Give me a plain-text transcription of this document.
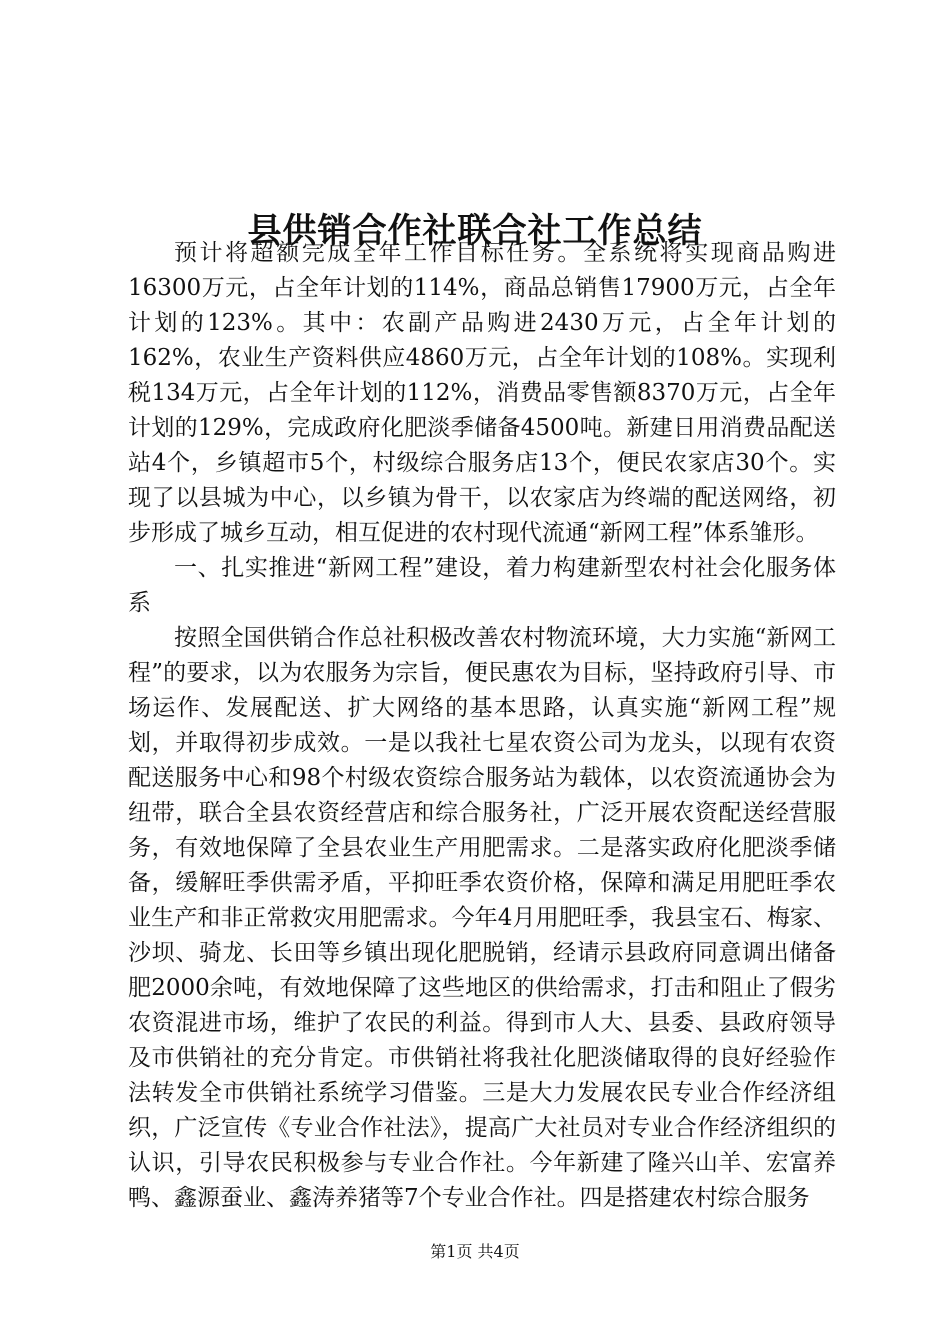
县供销合作社联合社工作总结

预计将超额完成全年工作目标任务。全系统将实现商品购进16300万元，占全年计划的114%，商品总销售17900万元，占全年计划的123%。其中：农副产品购进2430万元，占全年计划的162%，农业生产资料供应4860万元，占全年计划的108%。实现利税134万元，占全年计划的112%，消费品零售额8370万元，占全年计划的129%，完成政府化肥淡季储备4500吨。新建日用消费品配送站4个，乡镇超市5个，村级综合服务店13个，便民农家店30个。实现了以县城为中心，以乡镇为骨干，以农家店为终端的配送网络，初步形成了城乡互动，相互促进的农村现代流通“新网工程”体系雏形。

一、扎实推进“新网工程”建设，着力构建新型农村社会化服务体系

按照全国供销合作总社积极改善农村物流环境，大力实施“新网工程”的要求，以为农服务为宗旨，便民惠农为目标，坚持政府引导、市场运作、发展配送、扩大网络的基本思路，认真实施“新网工程”规划，并取得初步成效。一是以我社七星农资公司为龙头，以现有农资配送服务中心和98个村级农资综合服务站为载体，以农资流通协会为纽带，联合全县农资经营店和综合服务社，广泛开展农资配送经营服务，有效地保障了全县农业生产用肥需求。二是落实政府化肥淡季储备，缓解旺季供需矛盾，平抑旺季农资价格，保障和满足用肥旺季农业生产和非正常救灾用肥需求。今年4月用肥旺季，我县宝石、梅家、沙坝、骑龙、长田等乡镇出现化肥脱销，经请示县政府同意调出储备肥2000余吨，有效地保障了这些地区的供给需求，打击和阻止了假劣农资混进市场，维护了农民的利益。得到市人大、县委、县政府领导及市供销社的充分肯定。市供销社将我社化肥淡储取得的良好经验作法转发全市供销社系统学习借鉴。三是大力发展农民专业合作经济组织，广泛宣传《专业合作社法》，提高广大社员对专业合作经济组织的认识，引导农民积极参与专业合作社。今年新建了隆兴山羊、宏富养鸭、鑫源蚕业、鑫涛养猪等7个专业合作社。四是搭建农村综合服务

第1页 共4页
